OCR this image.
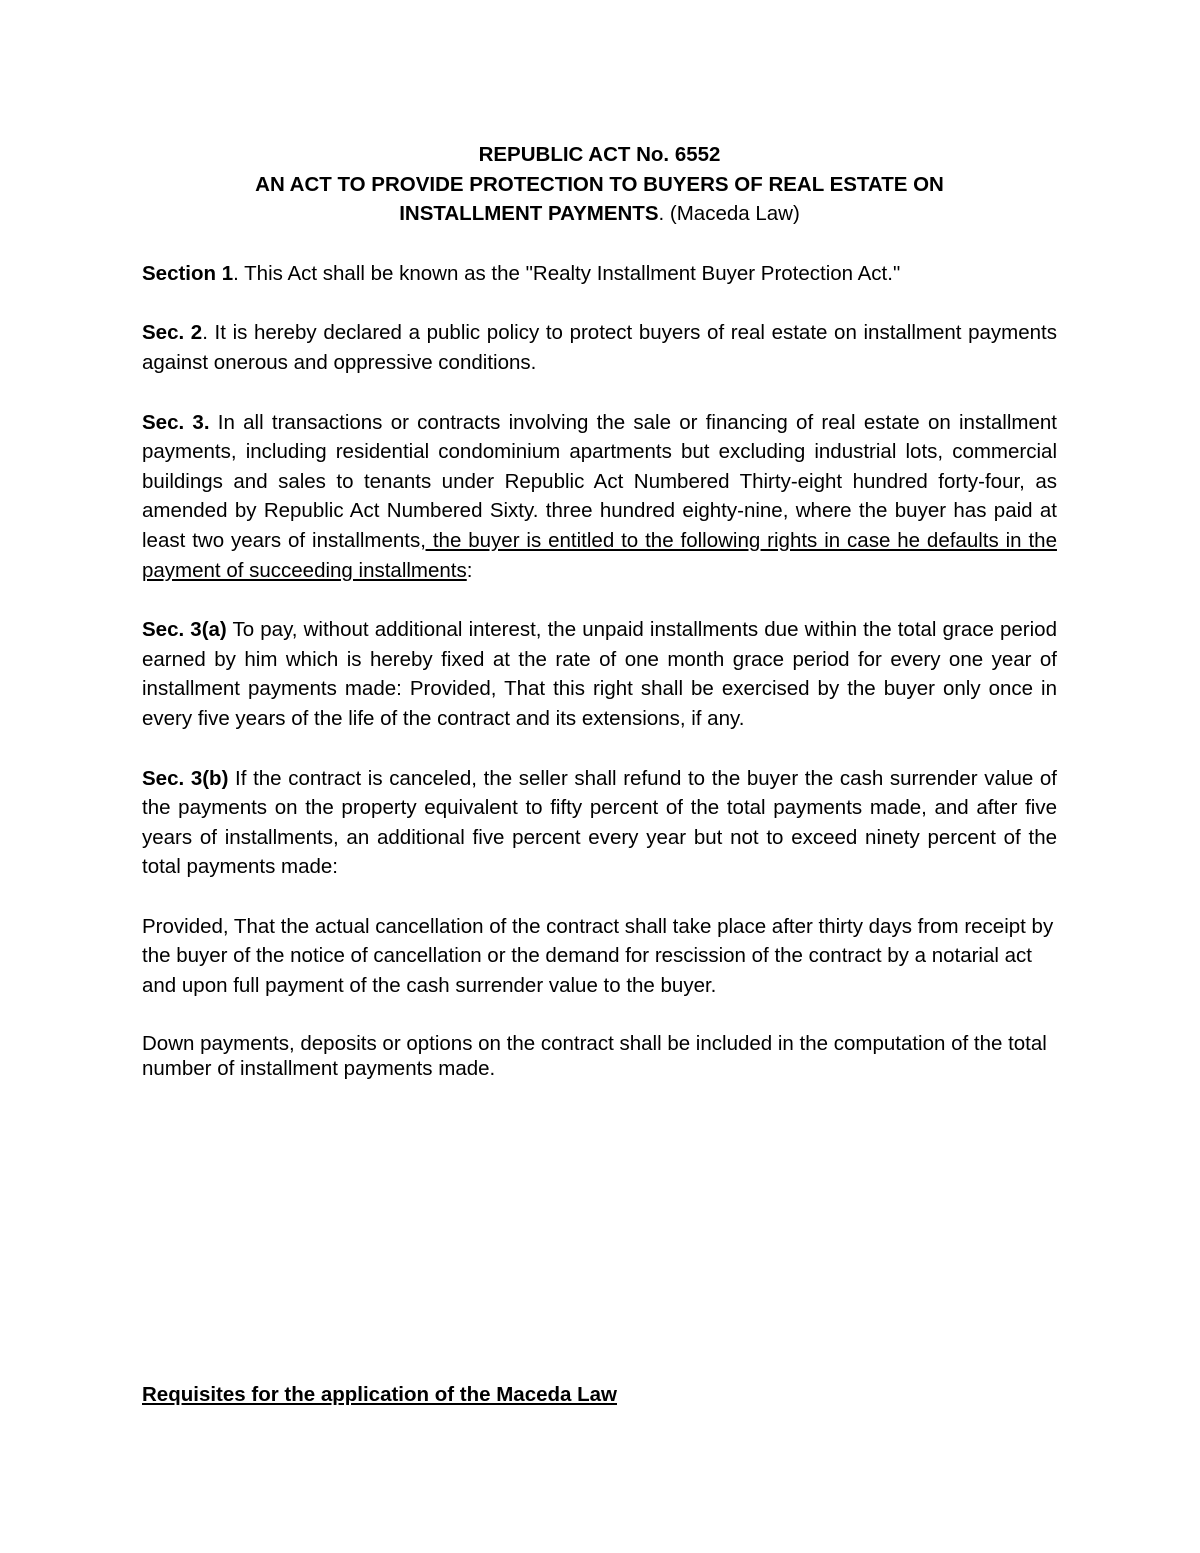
REPUBLIC ACT No. 6552
AN ACT TO PROVIDE PROTECTION TO BUYERS OF REAL ESTATE ON
INSTALLMENT PAYMENTS. (Maceda Law)

Section 1. This Act shall be known as the "Realty Installment Buyer Protection Act."

Sec. 2. It is hereby declared a public policy to protect buyers of real estate on installment payments against onerous and oppressive conditions.

Sec. 3. In all transactions or contracts involving the sale or financing of real estate on installment payments, including residential condominium apartments but excluding industrial lots, commercial buildings and sales to tenants under Republic Act Numbered Thirty-eight hundred forty-four, as amended by Republic Act Numbered Sixty. three hundred eighty-nine, where the buyer has paid at least two years of installments, the buyer is entitled to the following rights in case he defaults in the payment of succeeding installments:

Sec. 3(a) To pay, without additional interest, the unpaid installments due within the total grace period earned by him which is hereby fixed at the rate of one month grace period for every one year of installment payments made: Provided, That this right shall be exercised by the buyer only once in every five years of the life of the contract and its extensions, if any.

Sec. 3(b) If the contract is canceled, the seller shall refund to the buyer the cash surrender value of the payments on the property equivalent to fifty percent of the total payments made, and after five years of installments, an additional five percent every year but not to exceed ninety percent of the total payments made:

Provided, That the actual cancellation of the contract shall take place after thirty days from receipt by the buyer of the notice of cancellation or the demand for rescission of the contract by a notarial act and upon full payment of the cash surrender value to the buyer.

Down payments, deposits or options on the contract shall be included in the computation of the total number of installment payments made.

Requisites for the application of the Maceda Law
